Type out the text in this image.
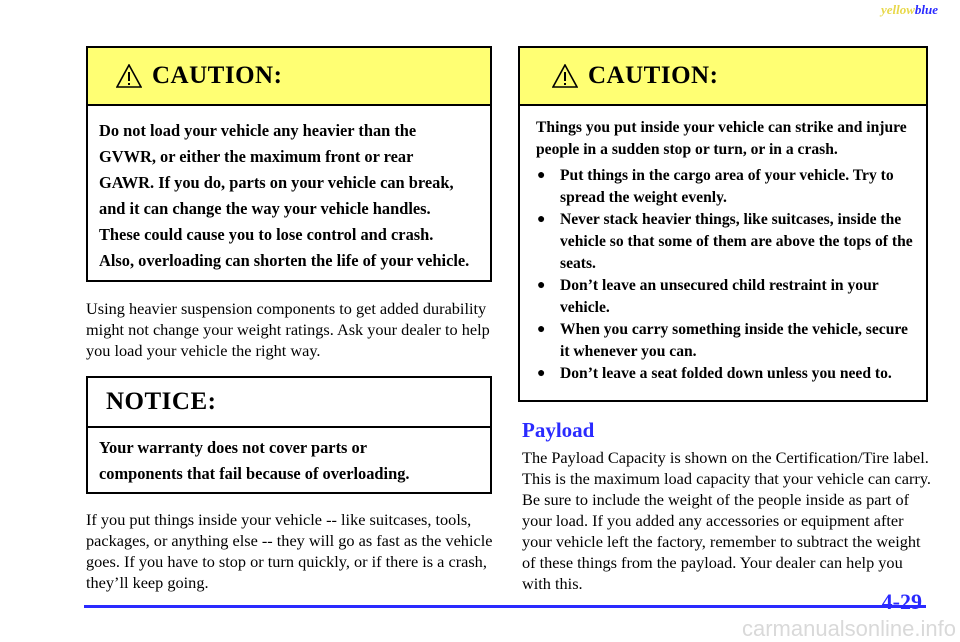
yellowblue
CAUTION:
Do not load your vehicle any heavier than the GVWR, or either the maximum front or rear GAWR. If you do, parts on your vehicle can break, and it can change the way your vehicle handles. These could cause you to lose control and crash. Also, overloading can shorten the life of your vehicle.

Using heavier suspension components to get added durability might not change your weight ratings. Ask your dealer to help you load your vehicle the right way.

NOTICE:
Your warranty does not cover parts or components that fail because of overloading.

If you put things inside your vehicle -- like suitcases, tools, packages, or anything else -- they will go as fast as the vehicle goes. If you have to stop or turn quickly, or if there is a crash, they’ll keep going.

CAUTION:
Things you put inside your vehicle can strike and injure people in a sudden stop or turn, or in a crash.
● Put things in the cargo area of your vehicle. Try to spread the weight evenly.
● Never stack heavier things, like suitcases, inside the vehicle so that some of them are above the tops of the seats.
● Don’t leave an unsecured child restraint in your vehicle.
● When you carry something inside the vehicle, secure it whenever you can.
● Don’t leave a seat folded down unless you need to.
Payload

The Payload Capacity is shown on the Certification/Tire label. This is the maximum load capacity that your vehicle can carry. Be sure to include the weight of the people inside as part of your load. If you added any accessories or equipment after your vehicle left the factory, remember to subtract the weight of these things from the payload. Your dealer can help you with this.

4-29
carmanualsonline.info
